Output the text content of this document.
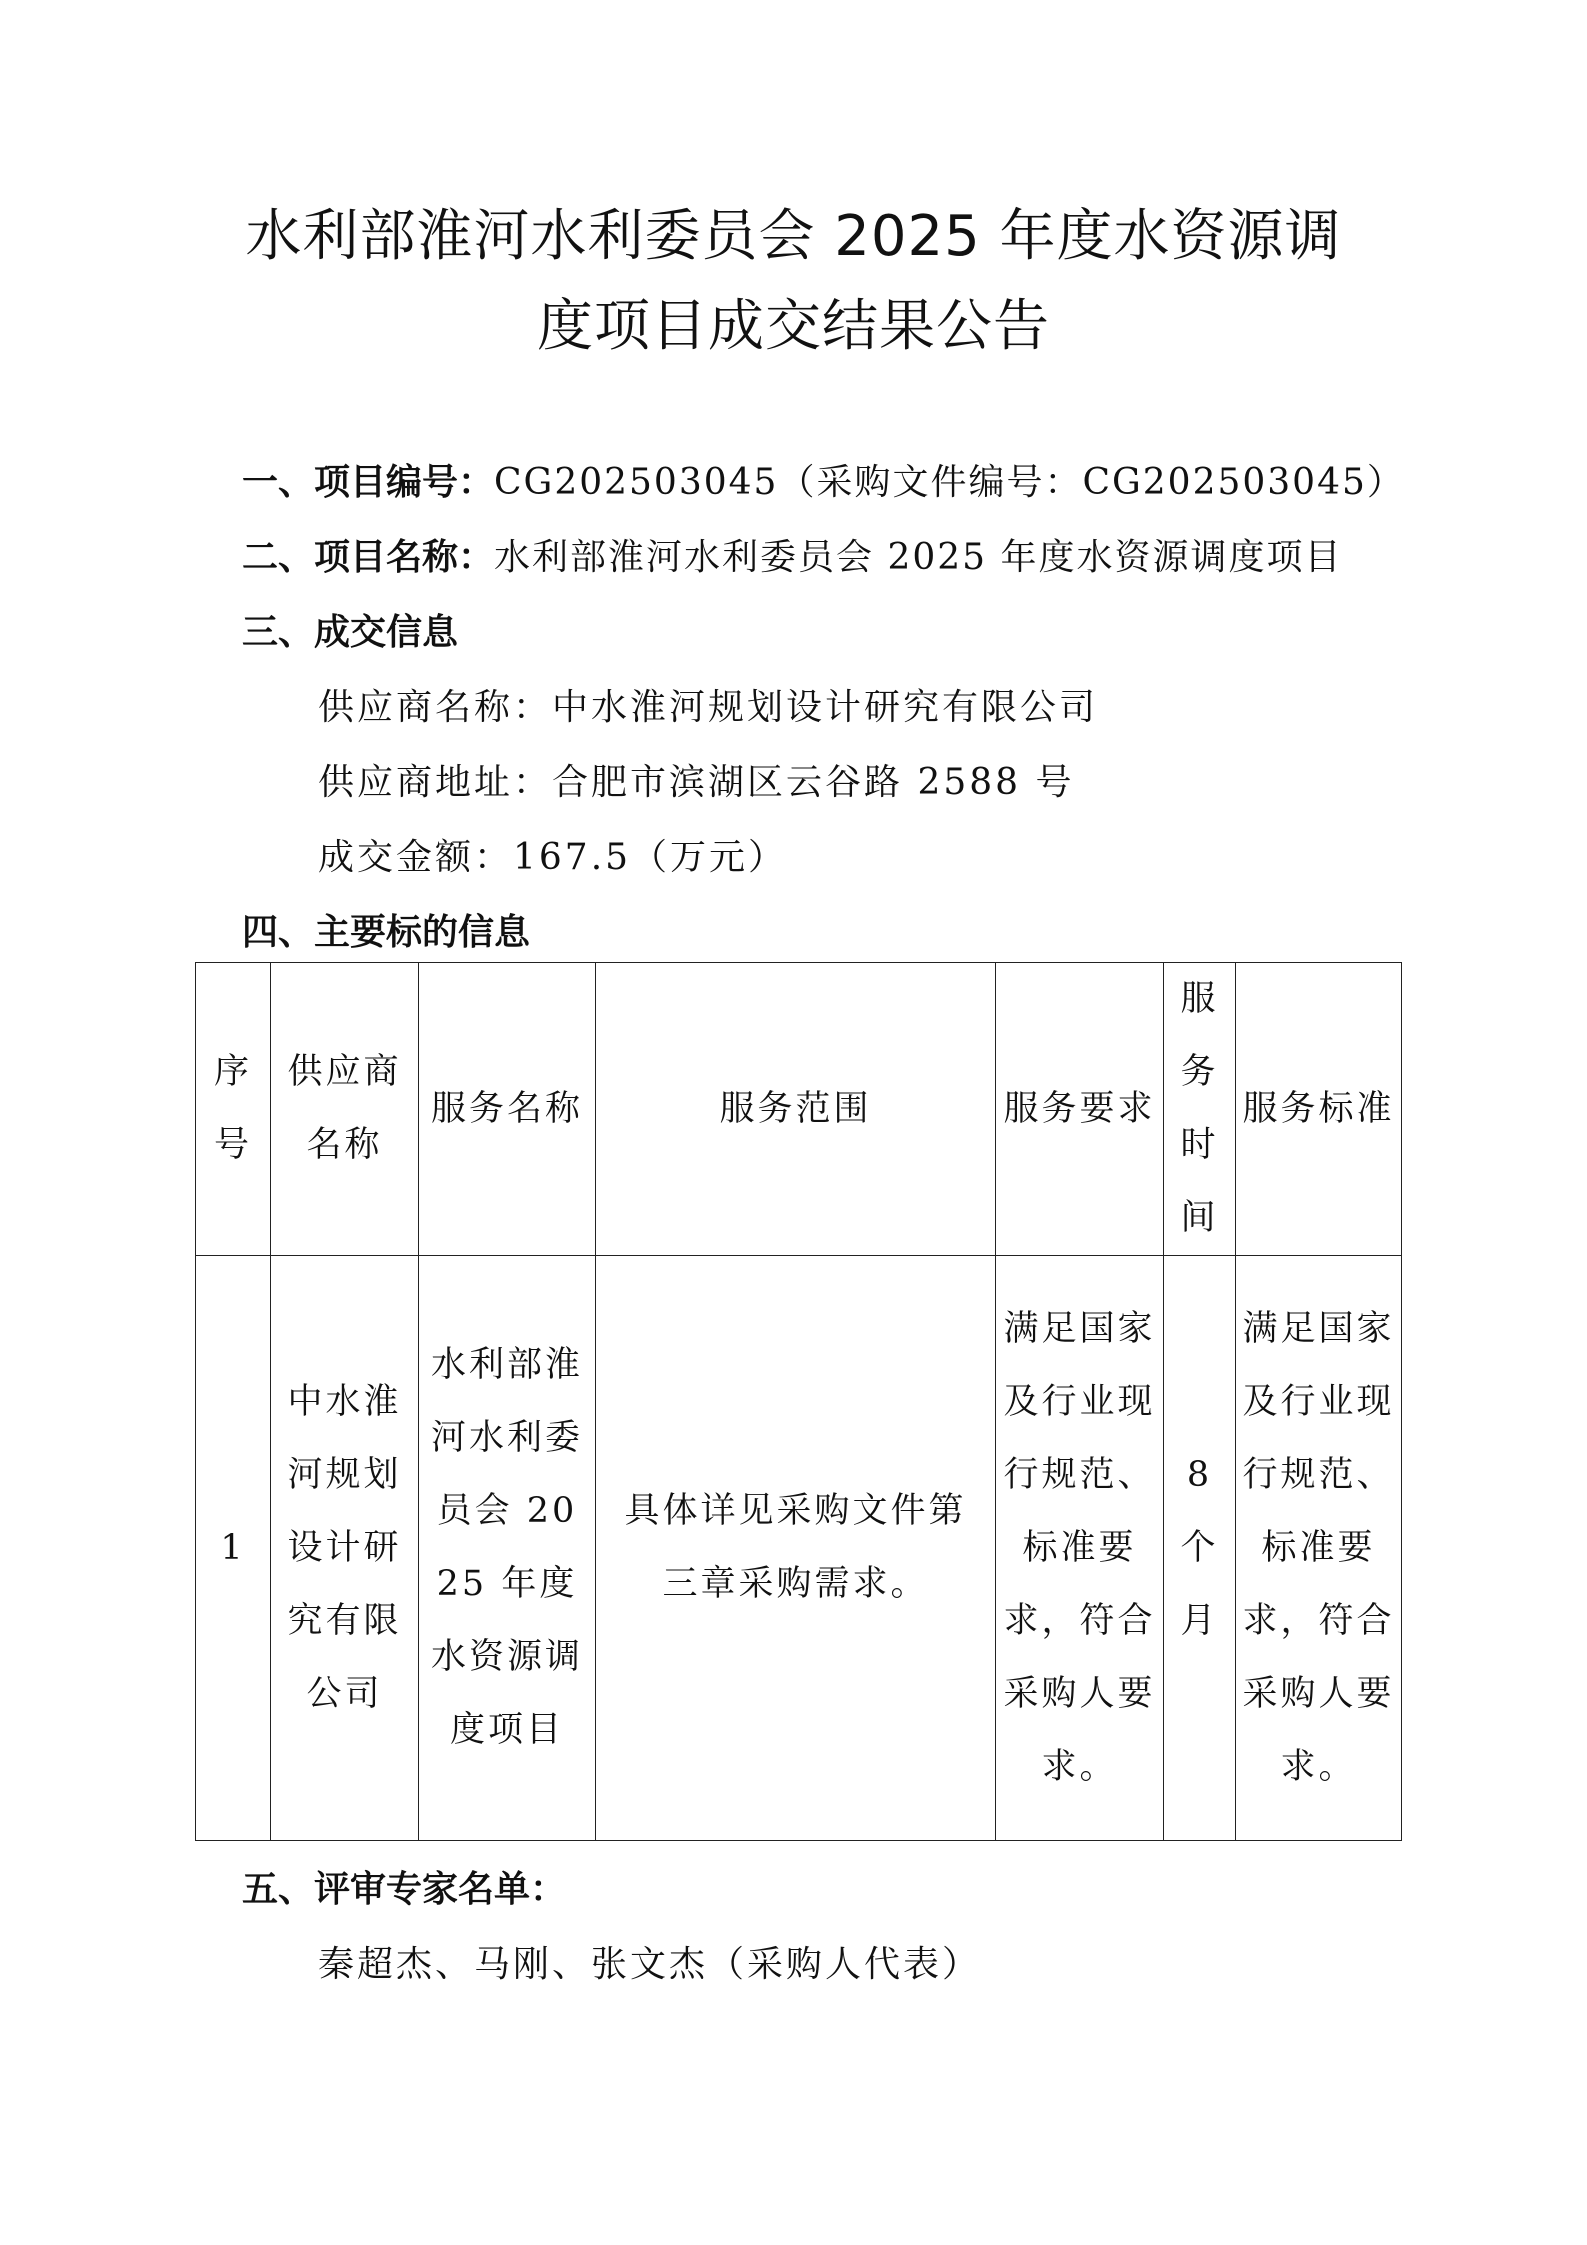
水利部淮河水利委员会 2025 年度水资源调
度项目成交结果公告
一、项目编号：CG202503045（采购文件编号：CG202503045）
二、项目名称：水利部淮河水利委员会 2025 年度水资源调度项目
三、成交信息
供应商名称：中水淮河规划设计研究有限公司
供应商地址：合肥市滨湖区云谷路 2588 号
成交金额：167.5（万元）
四、主要标的信息
序号	供应商名称	服务名称	服务范围	服务要求	服务时间	服务标准

1	中水淮河规划设计研究有限公司	水利部淮河水利委员会 2025 年度水资源调度项目	具体详见采购文件第三章采购需求。	满足国家及行业现行规范、标准要求，符合采购人要求。	8 个月	满足国家及行业现行规范、标准要求，符合采购人要求。
五、评审专家名单：
秦超杰、马刚、张文杰（采购人代表）
